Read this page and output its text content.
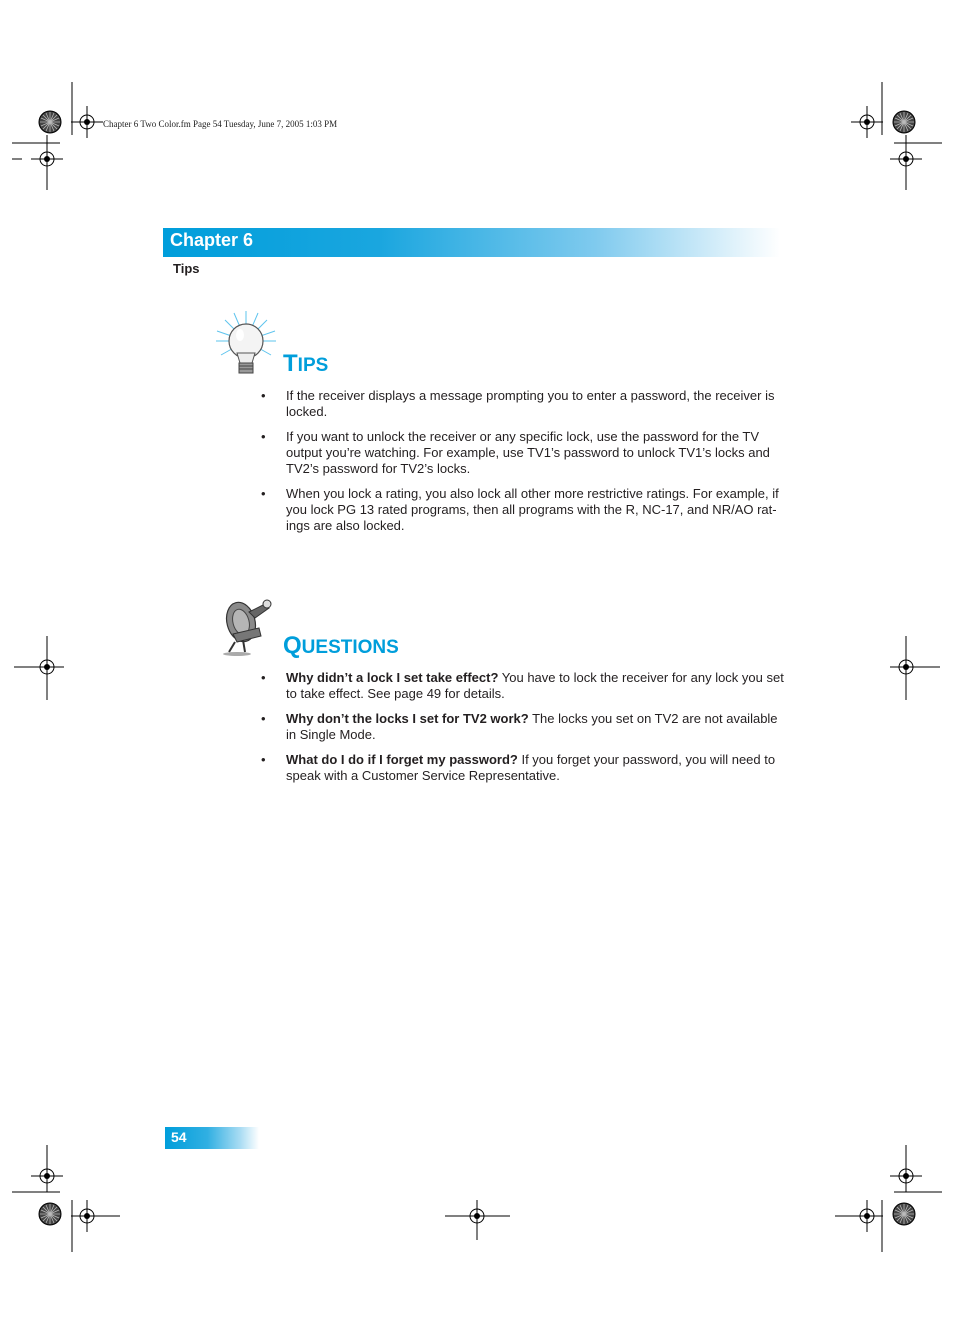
Chapter 6 Two Color.fm Page 54 Tuesday, June 7, 2005 1:03 PM
Chapter 6
Tips
TIPS
• If the receiver displays a message prompting you to enter a password, the receiver is locked.
• If you want to unlock the receiver or any specific lock, use the password for the TV output you’re watching. For example, use TV1’s password to unlock TV1’s locks and TV2’s password for TV2’s locks.
• When you lock a rating, you also lock all other more restrictive ratings. For example, if you lock PG 13 rated programs, then all programs with the R, NC-17, and NR/AO rat-ings are also locked.
QUESTIONS
• Why didn’t a lock I set take effect? You have to lock the receiver for any lock you set to take effect. See page 49 for details.
• Why don’t the locks I set for TV2 work? The locks you set on TV2 are not available in Single Mode.
• What do I do if I forget my password? If you forget your password, you will need to speak with a Customer Service Representative.
54
